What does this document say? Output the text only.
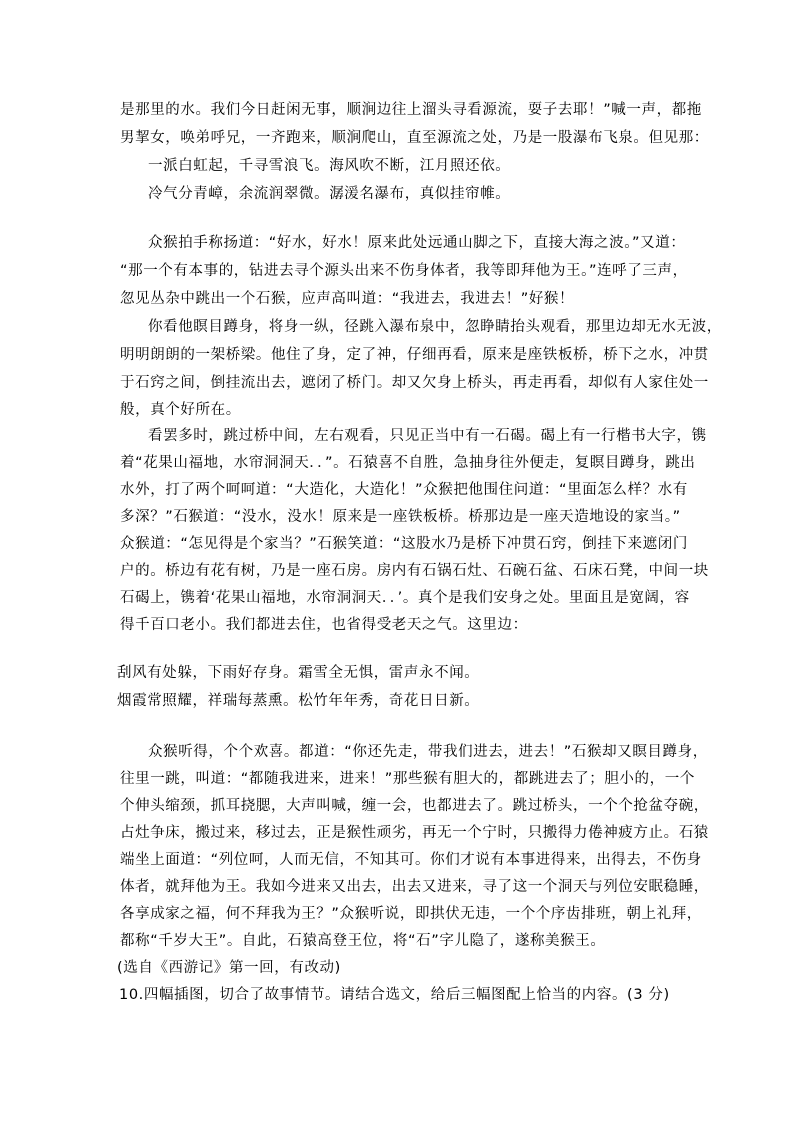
是那里的水。我们今日赶闲无事，顺涧边往上溜头寻看源流，耍子去耶！”喊一声，都拖
男挈女，唤弟呼兄，一齐跑来，顺涧爬山，直至源流之处，乃是一股瀑布飞泉。但见那：
一派白虹起，千寻雪浪飞。海风吹不断，江月照还依。
冷气分青嶂，余流润翠微。潺湲名瀑布，真似挂帘帷。
众猴拍手称扬道：“好水，好水！原来此处远通山脚之下，直接大海之波。”又道：
“那一个有本事的，钻进去寻个源头出来不伤身体者，我等即拜他为王。”连呼了三声，
忽见丛杂中跳出一个石猴，应声高叫道：“我进去，我进去！”好猴！
你看他瞑目蹲身，将身一纵，径跳入瀑布泉中，忽睁睛抬头观看，那里边却无水无波，
明明朗朗的一架桥梁。他住了身，定了神，仔细再看，原来是座铁板桥，桥下之水，冲贯
于石窍之间，倒挂流出去，遮闭了桥门。却又欠身上桥头，再走再看，却似有人家住处一
般，真个好所在。
看罢多时，跳过桥中间，左右观看，只见正当中有一石碣。碣上有一行楷书大字，镌
着“花果山福地，水帘洞洞天．．”。石猿喜不自胜，急抽身往外便走，复瞑目蹲身，跳出
水外，打了两个呵呵道：“大造化，大造化！”众猴把他围住问道：“里面怎么样？水有
多深？”石猴道：“没水，没水！原来是一座铁板桥。桥那边是一座天造地设的家当。”
众猴道：“怎见得是个家当？”石猴笑道：“这股水乃是桥下冲贯石窍，倒挂下来遮闭门
户的。桥边有花有树，乃是一座石房。房内有石锅石灶、石碗石盆、石床石凳，中间一块
石碣上，镌着‘花果山福地，水帘洞洞天．．’。真个是我们安身之处。里面且是宽阔，容
得千百口老小。我们都进去住，也省得受老天之气。这里边：
刮风有处躲，下雨好存身。霜雪全无惧，雷声永不闻。
烟霞常照耀，祥瑞每蒸熏。松竹年年秀，奇花日日新。
众猴听得，个个欢喜。都道：“你还先走，带我们进去，进去！”石猴却又瞑目蹲身，
往里一跳，叫道：“都随我进来，进来！”那些猴有胆大的，都跳进去了；胆小的，一个
个伸头缩颈，抓耳挠腮，大声叫喊，缠一会，也都进去了。跳过桥头，一个个抢盆夺碗，
占灶争床，搬过来，移过去，正是猴性顽劣，再无一个宁时，只搬得力倦神疲方止。石猿
端坐上面道：“列位呵，人而无信，不知其可。你们才说有本事进得来，出得去，不伤身
体者，就拜他为王。我如今进来又出去，出去又进来，寻了这一个洞天与列位安眠稳睡，
各享成家之福，何不拜我为王？”众猴听说，即拱伏无违，一个个序齿排班，朝上礼拜，
都称“千岁大王”。自此，石猿高登王位，将“石”字儿隐了，遂称美猴王。
(选自《西游记》第一回，有改动)
10.四幅插图，切合了故事情节。请结合选文，给后三幅图配上恰当的内容。(3 分)
